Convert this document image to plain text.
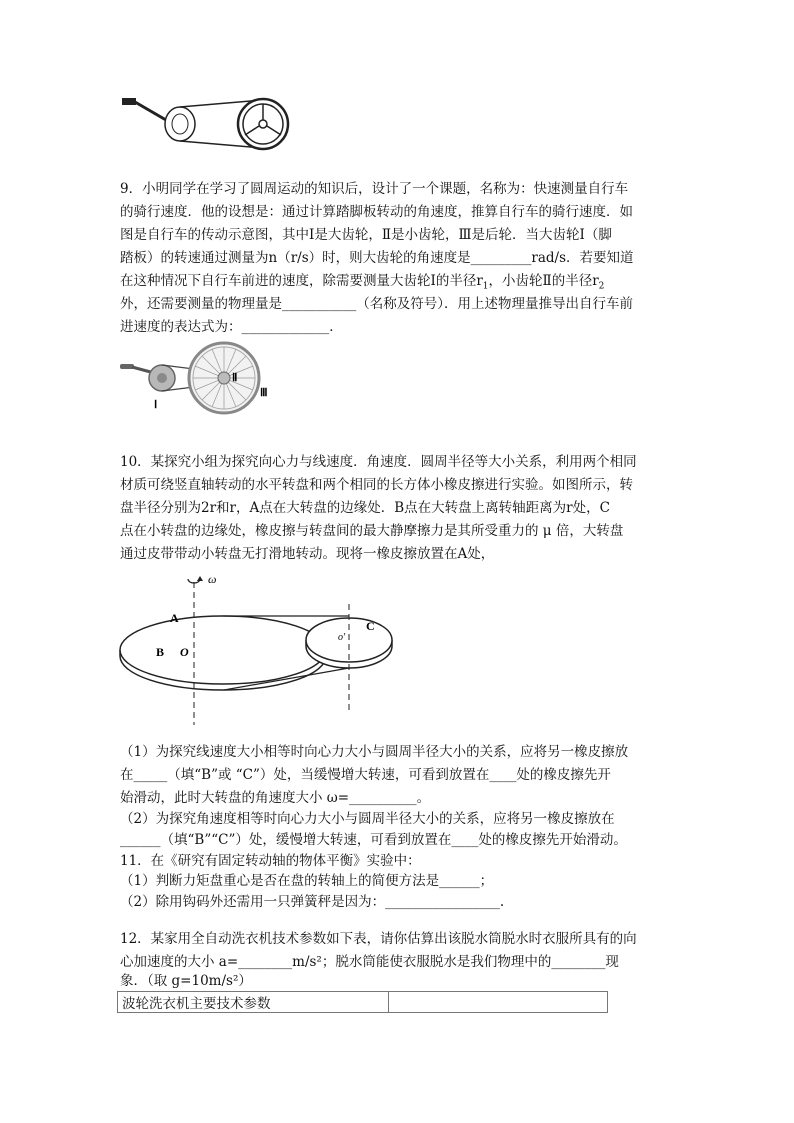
9．小明同学在学习了圆周运动的知识后，设计了一个课题，名称为：快速测量自行车
的骑行速度．他的设想是：通过计算踏脚板转动的角速度，推算自行车的骑行速度．如
图是自行车的传动示意图，其中Ⅰ是大齿轮，Ⅱ是小齿轮，Ⅲ是后轮．当大齿轮Ⅰ（脚
踏板）的转速通过测量为n（r/s）时，则大齿轮的角速度是_________rad/s．若要知道
在这种情况下自行车前进的速度，除需要测量大齿轮Ⅰ的半径$r_1$，小齿轮Ⅱ的半径$r_2$
外，还需要测量的物理量是___________（名称及符号）．用上述物理量推导出自行车前
进速度的表达式为：_____________．
Ⅰ
Ⅱ
Ⅲ
10．某探究小组为探究向心力与线速度．角速度．圆周半径等大小关系，利用两个相同
材质可绕竖直轴转动的水平转盘和两个相同的长方体小橡皮擦进行实验。如图所示，转
盘半径分别为2r和r，A点在大转盘的边缘处．B点在大转盘上离转轴距离为r处，C
点在小转盘的边缘处，橡皮擦与转盘间的最大静摩擦力是其所受重力的 μ 倍，大转盘
通过皮带带动小转盘无打滑地转动。现将一橡皮擦放置在A处，
ω
A
B O
o'
C
（1）为探究线速度大小相等时向心力大小与圆周半径大小的关系，应将另一橡皮擦放
在_____（填“B”或 “C”）处，当缓慢增大转速，可看到放置在____处的橡皮擦先开
始滑动，此时大转盘的角速度大小 ω=__________。
（2）为探究角速度相等时向心力大小与圆周半径大小的关系，应将另一橡皮擦放在
______（填“B”“C”）处，缓慢增大转速，可看到放置在____处的橡皮擦先开始滑动。
11．在《研究有固定转动轴的物体平衡》实验中：
（1）判断力矩盘重心是否在盘的转轴上的简便方法是______；
（2）除用钩码外还需用一只弹簧秤是因为：_________________.
12．某家用全自动洗衣机技术参数如下表，请你估算出该脱水筒脱水时衣服所具有的向
心加速度的大小 a=________m/s²；脱水筒能使衣服脱水是我们物理中的________现
象．（取 g=10m/s²）
波轮洗衣机主要技术参数	
